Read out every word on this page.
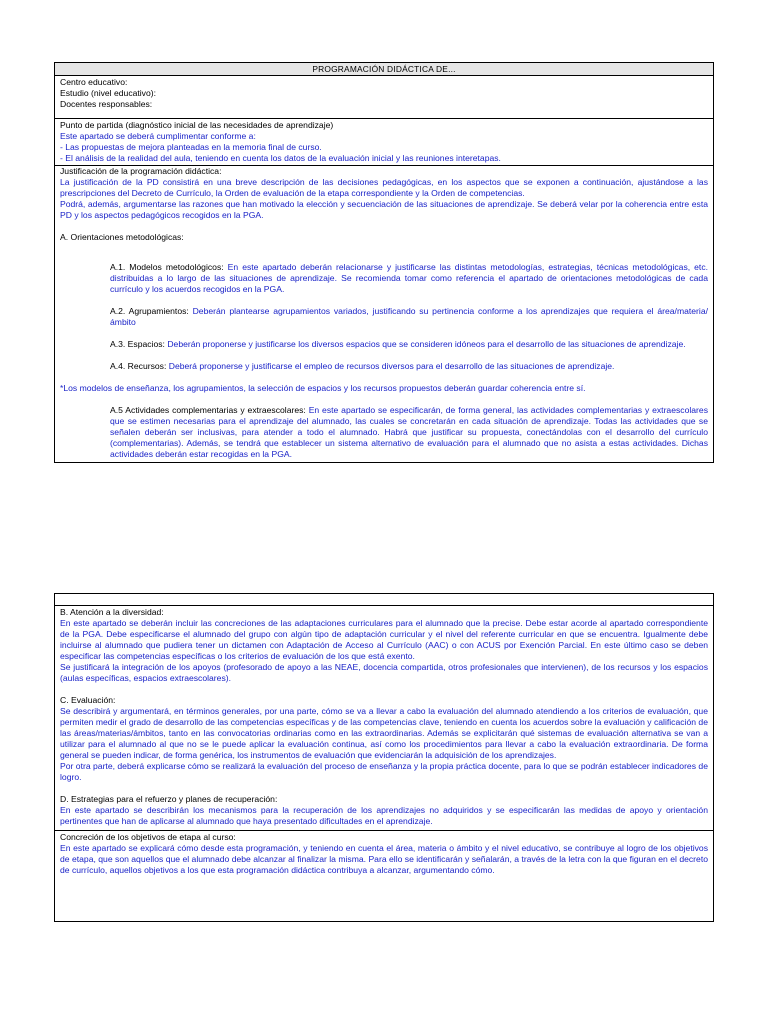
PROGRAMACIÓN DIDÁCTICA DE...

Centro educativo:

Estudio (nivel educativo):

Docentes responsables:

Punto de partida (diagnóstico inicial de las necesidades de aprendizaje)

Este apartado se deberá cumplimentar conforme a:

- Las propuestas de mejora planteadas en la memoria final de curso.

- El análisis de la realidad del aula, teniendo en cuenta los datos de la evaluación inicial y las reuniones interetapas.

Justificación de la programación didáctica:

La justificación de la PD consistirá en una breve descripción de las decisiones pedagógicas, en los aspectos que se exponen a continuación, ajustándose a las prescripciones del Decreto de Currículo, la Orden de evaluación de la etapa correspondiente y la Orden de competencias.

Podrá, además, argumentarse las razones que han motivado la elección y secuenciación de las situaciones de aprendizaje. Se deberá velar por la coherencia entre esta PD y los aspectos pedagógicos recogidos en la PGA.

A. Orientaciones metodológicas:

A.1. Modelos metodológicos: En este apartado deberán relacionarse y justificarse las distintas metodologías, estrategias, técnicas metodológicas, etc. distribuidas a lo largo de las situaciones de aprendizaje. Se recomienda tomar como referencia el apartado de orientaciones metodológicas de cada currículo y los acuerdos recogidos en la PGA.

A.2. Agrupamientos: Deberán plantearse agrupamientos variados, justificando su pertinencia conforme a los aprendizajes que requiera el área/materia/ámbito

A.3. Espacios: Deberán proponerse y justificarse los diversos espacios que se consideren idóneos para el desarrollo de las situaciones de aprendizaje.

A.4. Recursos: Deberá proponerse y justificarse el empleo de recursos diversos para el desarrollo de las situaciones de aprendizaje.

*Los modelos de enseñanza, los agrupamientos, la selección de espacios y los recursos propuestos deberán guardar coherencia entre sí.

A.5 Actividades complementarias y extraescolares: En este apartado se especificarán, de forma general, las actividades complementarias y extraescolares que se estimen necesarias para el aprendizaje del alumnado, las cuales se concretarán en cada situación de aprendizaje. Todas las actividades que se señalen deberán ser inclusivas, para atender a todo el alumnado. Habrá que justificar su propuesta, conectándolas con el desarrollo del currículo (complementarias). Además, se tendrá que establecer un sistema alternativo de evaluación para el alumnado que no asista a estas actividades. Dichas actividades deberán estar recogidas en la PGA.

B. Atención a la diversidad:

En este apartado se deberán incluir las concreciones de las adaptaciones curriculares para el alumnado que la precise. Debe estar acorde al apartado correspondiente de la PGA. Debe especificarse el alumnado del grupo con algún tipo de adaptación curricular y el nivel del referente curricular en que se encuentra. Igualmente debe incluirse al alumnado que pudiera tener un dictamen con Adaptación de Acceso al Currículo (AAC) o con ACUS por Exención Parcial. En este último caso se deben especificar las competencias específicas o los criterios de evaluación de los que está exento.

Se justificará la integración de los apoyos (profesorado de apoyo a las NEAE, docencia compartida, otros profesionales que intervienen), de los recursos y los espacios (aulas específicas, espacios extraescolares).

C. Evaluación:

Se describirá y argumentará, en términos generales, por una parte, cómo se va a llevar a cabo la evaluación del alumnado atendiendo a los criterios de evaluación, que permiten medir el grado de desarrollo de las competencias específicas y de las competencias clave, teniendo en cuenta los acuerdos sobre la evaluación y calificación de las áreas/materias/ámbitos, tanto en las convocatorias ordinarias como en las extraordinarias. Además se explicitarán qué sistemas de evaluación alternativa se van a utilizar para el alumnado al que no se le puede aplicar la evaluación continua, así como los procedimientos para llevar a cabo la evaluación extraordinaria. De forma general se pueden indicar, de forma genérica, los instrumentos de evaluación que evidenciarán la adquisición de los aprendizajes.

Por otra parte, deberá explicarse cómo se realizará la evaluación del proceso de enseñanza y la propia práctica docente, para lo que se podrán establecer indicadores de logro.

D. Estrategias para el refuerzo y planes de recuperación:

En este apartado se describirán los mecanismos para la recuperación de los aprendizajes no adquiridos y se especificarán las medidas de apoyo y orientación pertinentes que han de aplicarse al alumnado que haya presentado dificultades en el aprendizaje.

Concreción de los objetivos de etapa al curso:

En este apartado se explicará cómo desde esta programación, y teniendo en cuenta el área, materia o ámbito y el nivel educativo, se contribuye al logro de los objetivos de etapa, que son aquellos que el alumnado debe alcanzar al finalizar la misma. Para ello se identificarán y señalarán, a través de la letra con la que figuran en el decreto de currículo, aquellos objetivos a los que esta programación didáctica contribuya a alcanzar, argumentando cómo.
